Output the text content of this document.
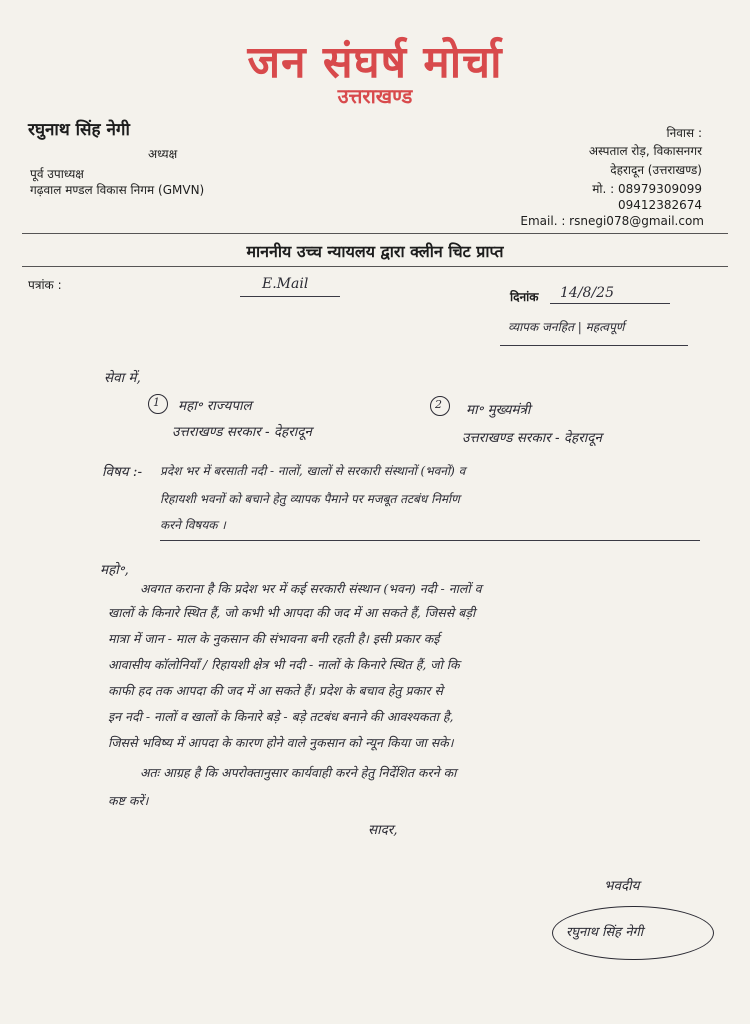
जन संघर्ष मोर्चा
उत्तराखण्ड
रघुनाथ सिंह नेगी
अध्यक्ष
पूर्व उपाध्यक्ष
गढ़वाल मण्डल विकास निगम (GMVN)
निवास :
अस्पताल रोड़, विकासनगर
देहरादून (उत्तराखण्ड)
मो. : 08979309099
09412382674
Email. : rsnegi078@gmail.com
माननीय उच्च न्यायलय द्वारा क्लीन चिट प्राप्त
पत्रांक :	E.Mail
दिनांक 14/8/25
व्यापक जनहित | महत्वपूर्ण
सेवा में,
1 महा॰ राज्यपाल
उत्तराखण्ड सरकार - देहरादून
2 मा॰ मुख्यमंत्री
उत्तराखण्ड सरकार - देहरादून
विषय :- प्रदेश भर में बरसाती नदी - नालों, खालों से सरकारी संस्थानों (भवनों) व
रिहायशी भवनों को बचाने हेतु व्यापक पैमाने पर मजबूत तटबंध निर्माण
करने विषयक ।
महो॰,
अवगत कराना है कि प्रदेश भर में कई सरकारी संस्थान (भवन) नदी - नालों व
खालों के किनारे स्थित हैं, जो कभी भी आपदा की जद में आ सकते हैं, जिससे बड़ी
मात्रा में जान - माल के नुकसान की संभावना बनी रहती है। इसी प्रकार कई
आवासीय कॉलोनियाँ / रिहायशी क्षेत्र भी नदी - नालों के किनारे स्थित हैं, जो कि
काफी हद तक आपदा की जद में आ सकते हैं। प्रदेश के बचाव हेतु प्रकार से
इन नदी - नालों व खालों के किनारे बड़े - बड़े तटबंध बनाने की आवश्यकता है,
जिससे भविष्य में आपदा के कारण होने वाले नुकसान को न्यून किया जा सके।
अतः आग्रह है कि अपरोक्तानुसार कार्यवाही करने हेतु निर्देशित करने का
कष्ट करें।
सादर,
भवदीय
रघुनाथ सिंह नेगी
